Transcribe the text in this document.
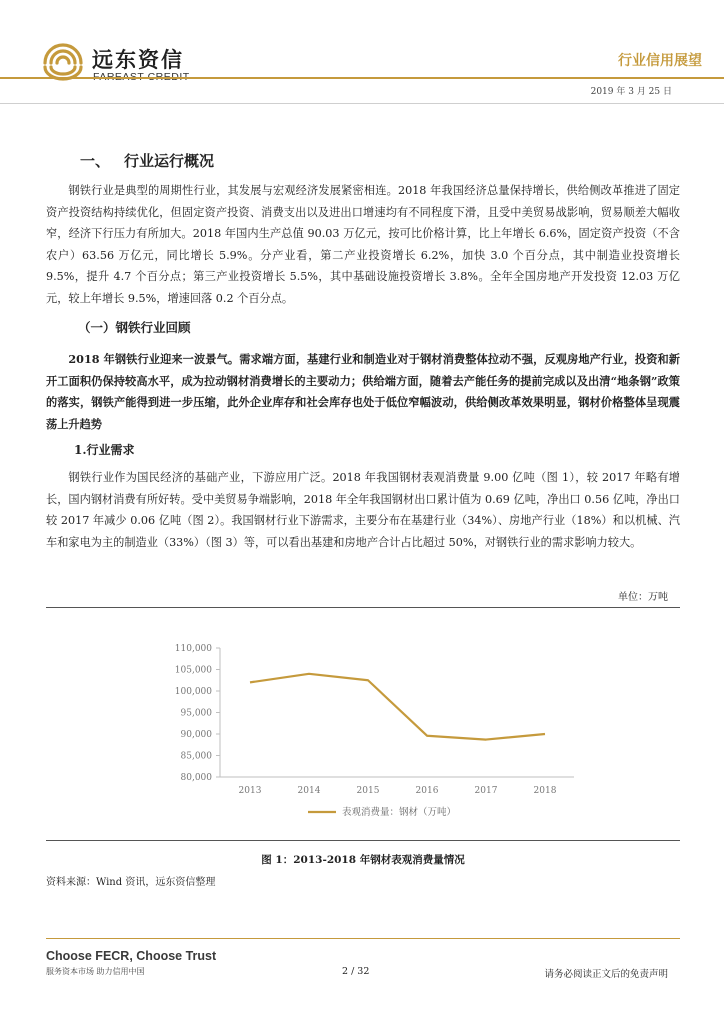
远东资信	行业信用展望
2019 年 3 月 25 日
一、 行业运行概况

钢铁行业是典型的周期性行业，其发展与宏观经济发展紧密相连。2018 年我国经济总量保持增长，供给侧改革推进了固定资产投资结构持续优化，但固定资产投资、消费支出以及进出口增速均有不同程度下滑，且受中美贸易战影响，贸易顺差大幅收窄，经济下行压力有所加大。2018 年国内生产总值 90.03 万亿元，按可比价格计算，比上年增长 6.6%，固定资产投资（不含农户）63.56 万亿元，同比增长 5.9%。分产业看，第二产业投资增长 6.2%，加快 3.0 个百分点，其中制造业投资增长 9.5%，提升 4.7 个百分点；第三产业投资增长 5.5%，其中基础设施投资增长 3.8%。全年全国房地产开发投资 12.03 万亿元，较上年增长 9.5%，增速回落 0.2 个百分点。

（一）钢铁行业回顾

2018 年钢铁行业迎来一波景气。需求端方面，基建行业和制造业对于钢材消费整体拉动不强，反观房地产行业，投资和新开工面积仍保持较高水平，成为拉动钢材消费增长的主要动力；供给端方面，随着去产能任务的提前完成以及出清“地条钢”政策的落实，钢铁产能得到进一步压缩，此外企业库存和社会库存也处于低位窄幅波动，供给侧改革效果明显，钢材价格整体呈现震荡上升趋势

1.行业需求

钢铁行业作为国民经济的基础产业，下游应用广泛。2018 年我国钢材表观消费量 9.00 亿吨（图 1），较 2017 年略有增长，国内钢材消费有所好转。受中美贸易争端影响，2018 年全年我国钢材出口累计值为 0.69 亿吨，净出口 0.56 亿吨，净出口较 2017 年减少 0.06 亿吨（图 2）。我国钢材行业下游需求，主要分布在基建行业（34%）、房地产行业（18%）和以机械、汽车和家电为主的制造业（33%）（图 3）等，可以看出基建和房地产合计占比超过 50%，对钢铁行业的需求影响力较大。

单位：万吨
80,000
85,000
90,000
95,000
100,000
105,000
110,000
2013	2014	2015	2016	2017	2018
表观消费量：钢材（万吨）
图 1：2013-2018 年钢材表观消费量情况
资料来源：Wind 资讯，远东资信整理
Choose FECR, Choose Trust
服务资本市场 助力信用中国	2 / 32	请务必阅读正文后的免责声明
